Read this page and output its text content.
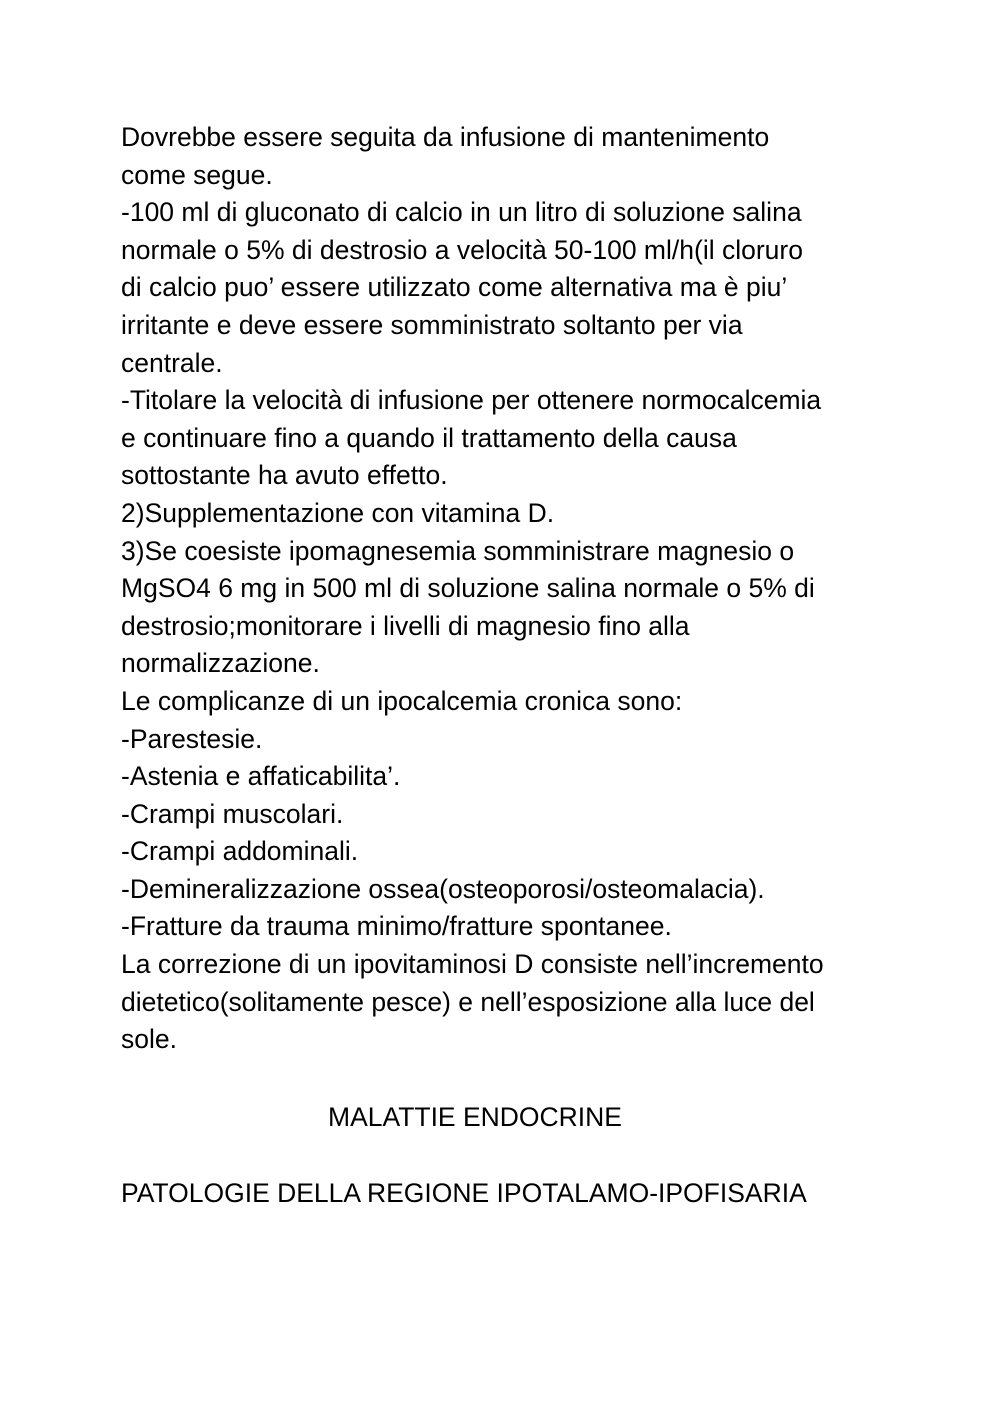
Dovrebbe essere seguita da infusione di mantenimento
come segue.
-100 ml di gluconato di calcio in un litro di soluzione salina
normale o 5% di destrosio a velocità 50-100 ml/h(il cloruro
di calcio puo’ essere utilizzato come alternativa ma è piu’
irritante e deve essere somministrato soltanto per via
centrale.
-Titolare la velocità di infusione per ottenere normocalcemia
e continuare fino a quando il trattamento della causa
sottostante ha avuto effetto.
2)Supplementazione con vitamina D.
3)Se coesiste ipomagnesemia somministrare magnesio o
MgSO4 6 mg in 500 ml di soluzione salina normale o 5% di
destrosio;monitorare i livelli di magnesio fino alla
normalizzazione.
Le complicanze di un ipocalcemia cronica sono:
-Parestesie.
-Astenia e affaticabilita’.
-Crampi muscolari.
-Crampi addominali.
-Demineralizzazione ossea(osteoporosi/osteomalacia).
-Fratture da trauma minimo/fratture spontanee.
La correzione di un ipovitaminosi D consiste nell’incremento
dietetico(solitamente pesce) e nell’esposizione alla luce del
sole.
MALATTIE ENDOCRINE
PATOLOGIE DELLA REGIONE IPOTALAMO-IPOFISARIA
